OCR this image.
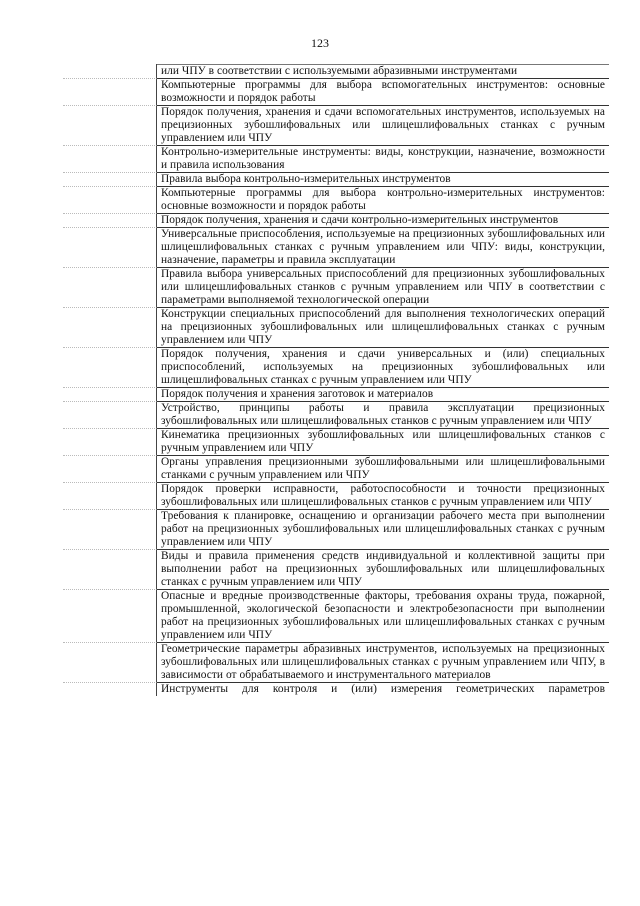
123
или ЧПУ в соответствии с используемыми абразивными инструментами
Компьютерные программы для выбора вспомогательных инструментов: основные возможности и порядок работы
Порядок получения, хранения и сдачи вспомогательных инструментов, используемых на прецизионных зубошлифовальных или шлицешлифовальных станках с ручным управлением или ЧПУ
Контрольно-измерительные инструменты: виды, конструкции, назначение, возможности и правила использования
Правила выбора контрольно-измерительных инструментов
Компьютерные программы для выбора контрольно-измерительных инструментов: основные возможности и порядок работы
Порядок получения, хранения и сдачи контрольно-измерительных инструментов
Универсальные приспособления, используемые на прецизионных зубошлифовальных или шлицешлифовальных станках с ручным управлением или ЧПУ: виды, конструкции, назначение, параметры и правила эксплуатации
Правила выбора универсальных приспособлений для прецизионных зубошлифовальных или шлицешлифовальных станков с ручным управлением или ЧПУ в соответствии с параметрами выполняемой технологической операции
Конструкции специальных приспособлений для выполнения технологических операций на прецизионных зубошлифовальных или шлицешлифовальных станках с ручным управлением или ЧПУ
Порядок получения, хранения и сдачи универсальных и (или) специальных приспособлений, используемых на прецизионных зубошлифовальных или шлицешлифовальных станках с ручным управлением или ЧПУ
Порядок получения и хранения заготовок и материалов
Устройство, принципы работы и правила эксплуатации прецизионных зубошлифовальных или шлицешлифовальных станков с ручным управлением или ЧПУ
Кинематика прецизионных зубошлифовальных или шлицешлифовальных станков с ручным управлением или ЧПУ
Органы управления прецизионными зубошлифовальными или шлицешлифовальными станками с ручным управлением или ЧПУ
Порядок проверки исправности, работоспособности и точности прецизионных зубошлифовальных или шлицешлифовальных станков с ручным управлением или ЧПУ
Требования к планировке, оснащению и организации рабочего места при выполнении работ на прецизионных зубошлифовальных или шлицешлифовальных станках с ручным управлением или ЧПУ
Виды и правила применения средств индивидуальной и коллективной защиты при выполнении работ на прецизионных зубошлифовальных или шлицешлифовальных станках с ручным управлением или ЧПУ
Опасные и вредные производственные факторы, требования охраны труда, пожарной, промышленной, экологической безопасности и электробезопасности при выполнении работ на прецизионных зубошлифовальных или шлицешлифовальных станках с ручным управлением или ЧПУ
Геометрические параметры абразивных инструментов, используемых на прецизионных зубошлифовальных или шлицешлифовальных станках с ручным управлением или ЧПУ, в зависимости от обрабатываемого и инструментального материалов
Инструменты для контроля и (или) измерения геометрических параметров
